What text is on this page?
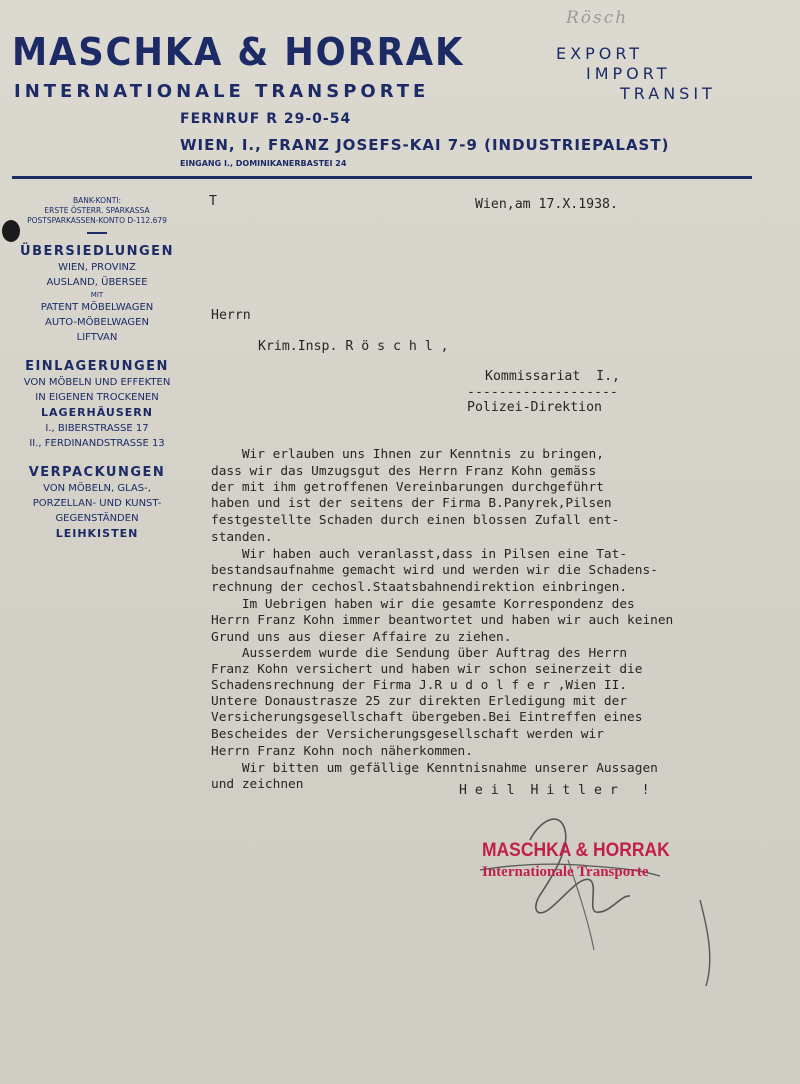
Rösch
MASCHKA & HORRAK
INTERNATIONALE TRANSPORTE
EXPORT
IMPORT
TRANSIT
FERNRUF R 29-0-54
WIEN, I., FRANZ JOSEFS-KAI 7-9 (INDUSTRIEPALAST)
EINGANG I., DOMINIKANERBASTEI 24
BANK-KONTI:
ERSTE ÖSTERR. SPARKASSA
POSTSPARKASSEN-KONTO D-112.679
ÜBERSIEDLUNGEN
WIEN, PROVINZ
AUSLAND, ÜBERSEE
MIT
PATENT MÖBELWAGEN
AUTO-MÖBELWAGEN
LIFTVAN
EINLAGERUNGEN
VON MÖBELN UND EFFEKTEN
IN EIGENEN TROCKENEN
LAGERHÄUSERN
I., BIBERSTRASSE 17
II., FERDINANDSTRASSE 13
VERPACKUNGEN
VON MÖBELN, GLAS-,
PORZELLAN- UND KUNST-
GEGENSTÄNDEN
LEIHKISTEN
T	Wien,am 17.X.1938.
Herrn
Krim.Insp. R ö s c h l ,
Kommissariat  I.,
-------------------
Polizei-Direktion
Wir erlauben uns Ihnen zur Kenntnis zu bringen,
dass wir das Umzugsgut des Herrn Franz Kohn gemäss
der mit ihm getroffenen Vereinbarungen durchgeführt
haben und ist der seitens der Firma B.Panyrek,Pilsen
festgestellte Schaden durch einen blossen Zufall ent-
standen.
Wir haben auch veranlasst,dass in Pilsen eine Tat-
bestandsaufnahme gemacht wird und werden wir die Schadens-
rechnung der cechosl.Staatsbahnendirektion einbringen.
Im Uebrigen haben wir die gesamte Korrespondenz des
Herrn Franz Kohn immer beantwortet und haben wir auch keinen
Grund uns aus dieser Affaire zu ziehen.
Ausserdem wurde die Sendung über Auftrag des Herrn
Franz Kohn versichert und haben wir schon seinerzeit die
Schadensrechnung der Firma J.R u d o l f e r ,Wien II.
Untere Donaustrasze 25 zur direkten Erledigung mit der
Versicherungsgesellschaft übergeben.Bei Eintreffen eines
Bescheides der Versicherungsgesellschaft werden wir
Herrn Franz Kohn noch näherkommen.
Wir bitten um gefällige Kenntnisnahme unserer Aussagen
und zeichnen	H e i l  H i t l e r   !
MASCHKA & HORRAK
Internationale Transporte
